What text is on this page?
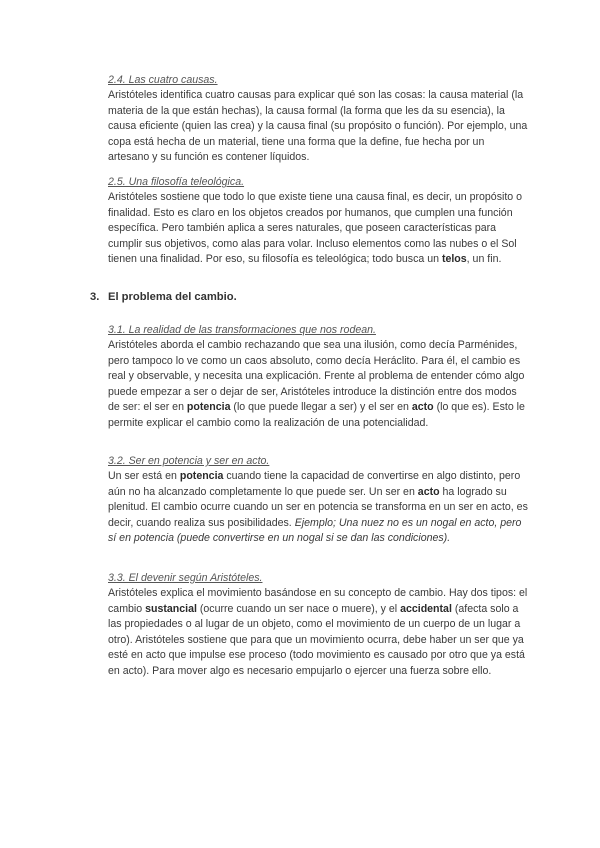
2.4. Las cuatro causas.

Aristóteles identifica cuatro causas para explicar qué son las cosas: la causa material (la materia de la que están hechas), la causa formal (la forma que les da su esencia), la causa eficiente (quien las crea) y la causa final (su propósito o función). Por ejemplo, una copa está hecha de un material, tiene una forma que la define, fue hecha por un artesano y su función es contener líquidos.

2.5. Una filosofía teleológica.

Aristóteles sostiene que todo lo que existe tiene una causa final, es decir, un propósito o finalidad. Esto es claro en los objetos creados por humanos, que cumplen una función específica. Pero también aplica a seres naturales, que poseen características para cumplir sus objetivos, como alas para volar. Incluso elementos como las nubes o el Sol tienen una finalidad. Por eso, su filosofía es teleológica; todo busca un telos, un fin.

3. El problema del cambio.

3.1. La realidad de las transformaciones que nos rodean.

Aristóteles aborda el cambio rechazando que sea una ilusión, como decía Parménides, pero tampoco lo ve como un caos absoluto, como decía Heráclito. Para él, el cambio es real y observable, y necesita una explicación. Frente al problema de entender cómo algo puede empezar a ser o dejar de ser, Aristóteles introduce la distinción entre dos modos de ser: el ser en potencia (lo que puede llegar a ser) y el ser en acto (lo que es). Esto le permite explicar el cambio como la realización de una potencialidad.

3.2. Ser en potencia y ser en acto.

Un ser está en potencia cuando tiene la capacidad de convertirse en algo distinto, pero aún no ha alcanzado completamente lo que puede ser. Un ser en acto ha logrado su plenitud. El cambio ocurre cuando un ser en potencia se transforma en un ser en acto, es decir, cuando realiza sus posibilidades. Ejemplo; Una nuez no es un nogal en acto, pero sí en potencia (puede convertirse en un nogal si se dan las condiciones).

3.3. El devenir según Aristóteles.

Aristóteles explica el movimiento basándose en su concepto de cambio. Hay dos tipos: el cambio sustancial (ocurre cuando un ser nace o muere), y el accidental (afecta solo a las propiedades o al lugar de un objeto, como el movimiento de un cuerpo de un lugar a otro). Aristóteles sostiene que para que un movimiento ocurra, debe haber un ser que ya esté en acto que impulse ese proceso (todo movimiento es causado por otro que ya está en acto). Para mover algo es necesario empujarlo o ejercer una fuerza sobre ello.
